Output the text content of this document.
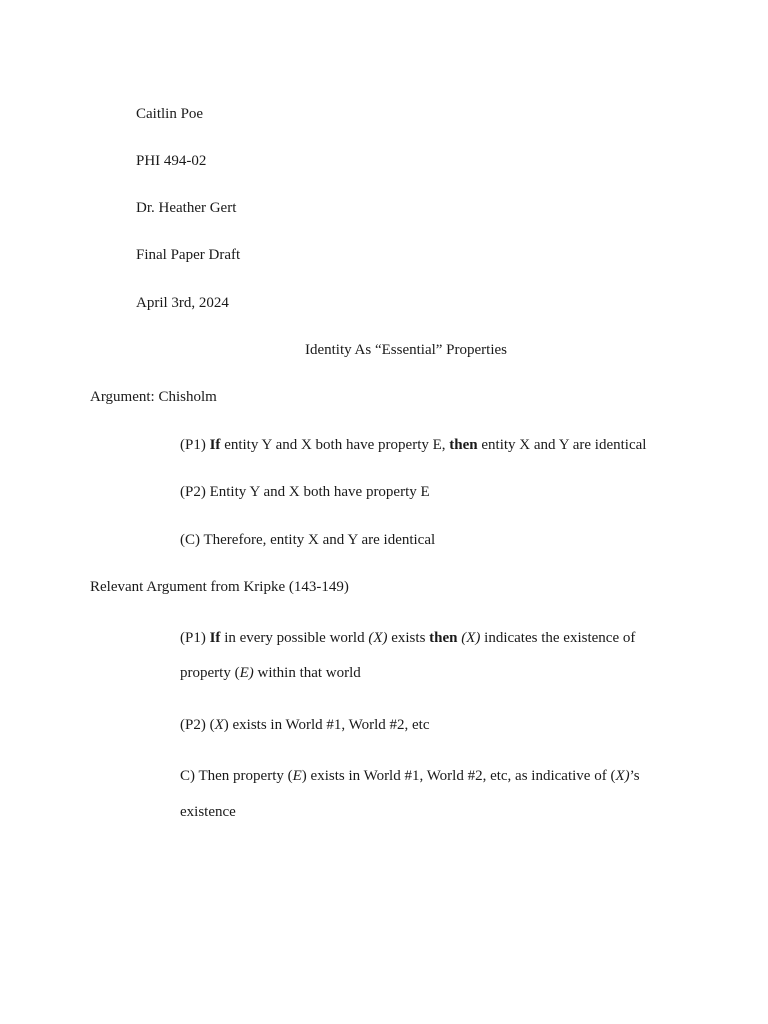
Caitlin Poe
PHI 494-02
Dr. Heather Gert
Final Paper Draft
April 3rd, 2024
Identity As “Essential” Properties
Argument: Chisholm
(P1) If entity Y and X both have property E, then entity X and Y are identical
(P2) Entity Y and X both have property E
(C) Therefore, entity X and Y are identical
Relevant Argument from Kripke (143-149)
(P1) If in every possible world (X) exists then (X) indicates the existence of
property (E) within that world
(P2) (X) exists in World #1, World #2, etc
C) Then property (E) exists in World #1, World #2, etc, as indicative of (X)’s
existence
